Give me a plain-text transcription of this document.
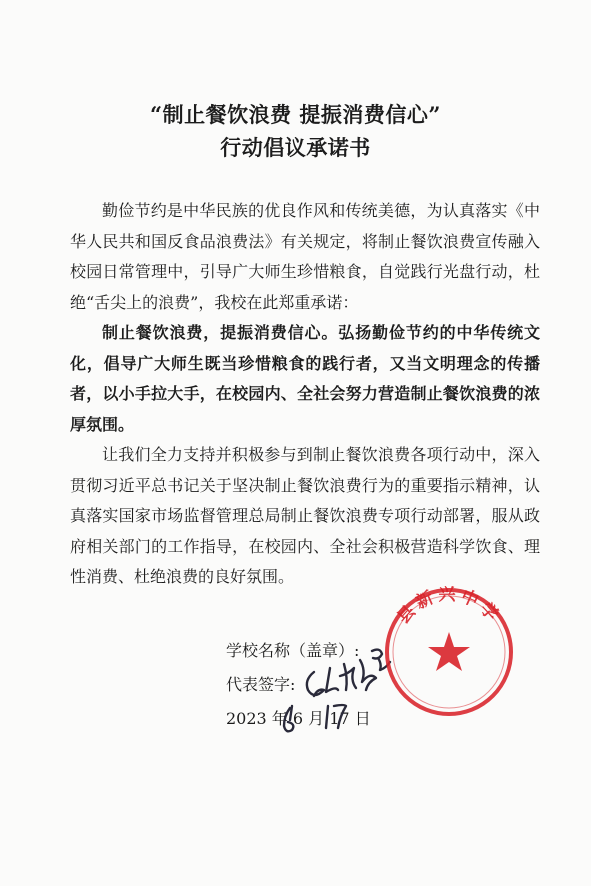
“制止餐饮浪费 提振消费信心”
行动倡议承诺书

勤俭节约是中华民族的优良作风和传统美德，为认真落实《中华人民共和国反食品浪费法》有关规定，将制止餐饮浪费宣传融入校园日常管理中，引导广大师生珍惜粮食，自觉践行光盘行动，杜绝“舌尖上的浪费”，我校在此郑重承诺：

制止餐饮浪费，提振消费信心。弘扬勤俭节约的中华传统文化，倡导广大师生既当珍惜粮食的践行者，又当文明理念的传播者，以小手拉大手，在校园内、全社会努力营造制止餐饮浪费的浓厚氛围。

让我们全力支持并积极参与到制止餐饮浪费各项行动中，深入贯彻习近平总书记关于坚决制止餐饮浪费行为的重要指示精神，认真落实国家市场监督管理总局制止餐饮浪费专项行动部署，服从政府相关部门的工作指导，在校园内、全社会积极营造科学饮食、理性消费、杜绝浪费的良好氛围。

学校名称（盖章）:
代表签字:
2023 年 6 月 17 日
县新兴中学
